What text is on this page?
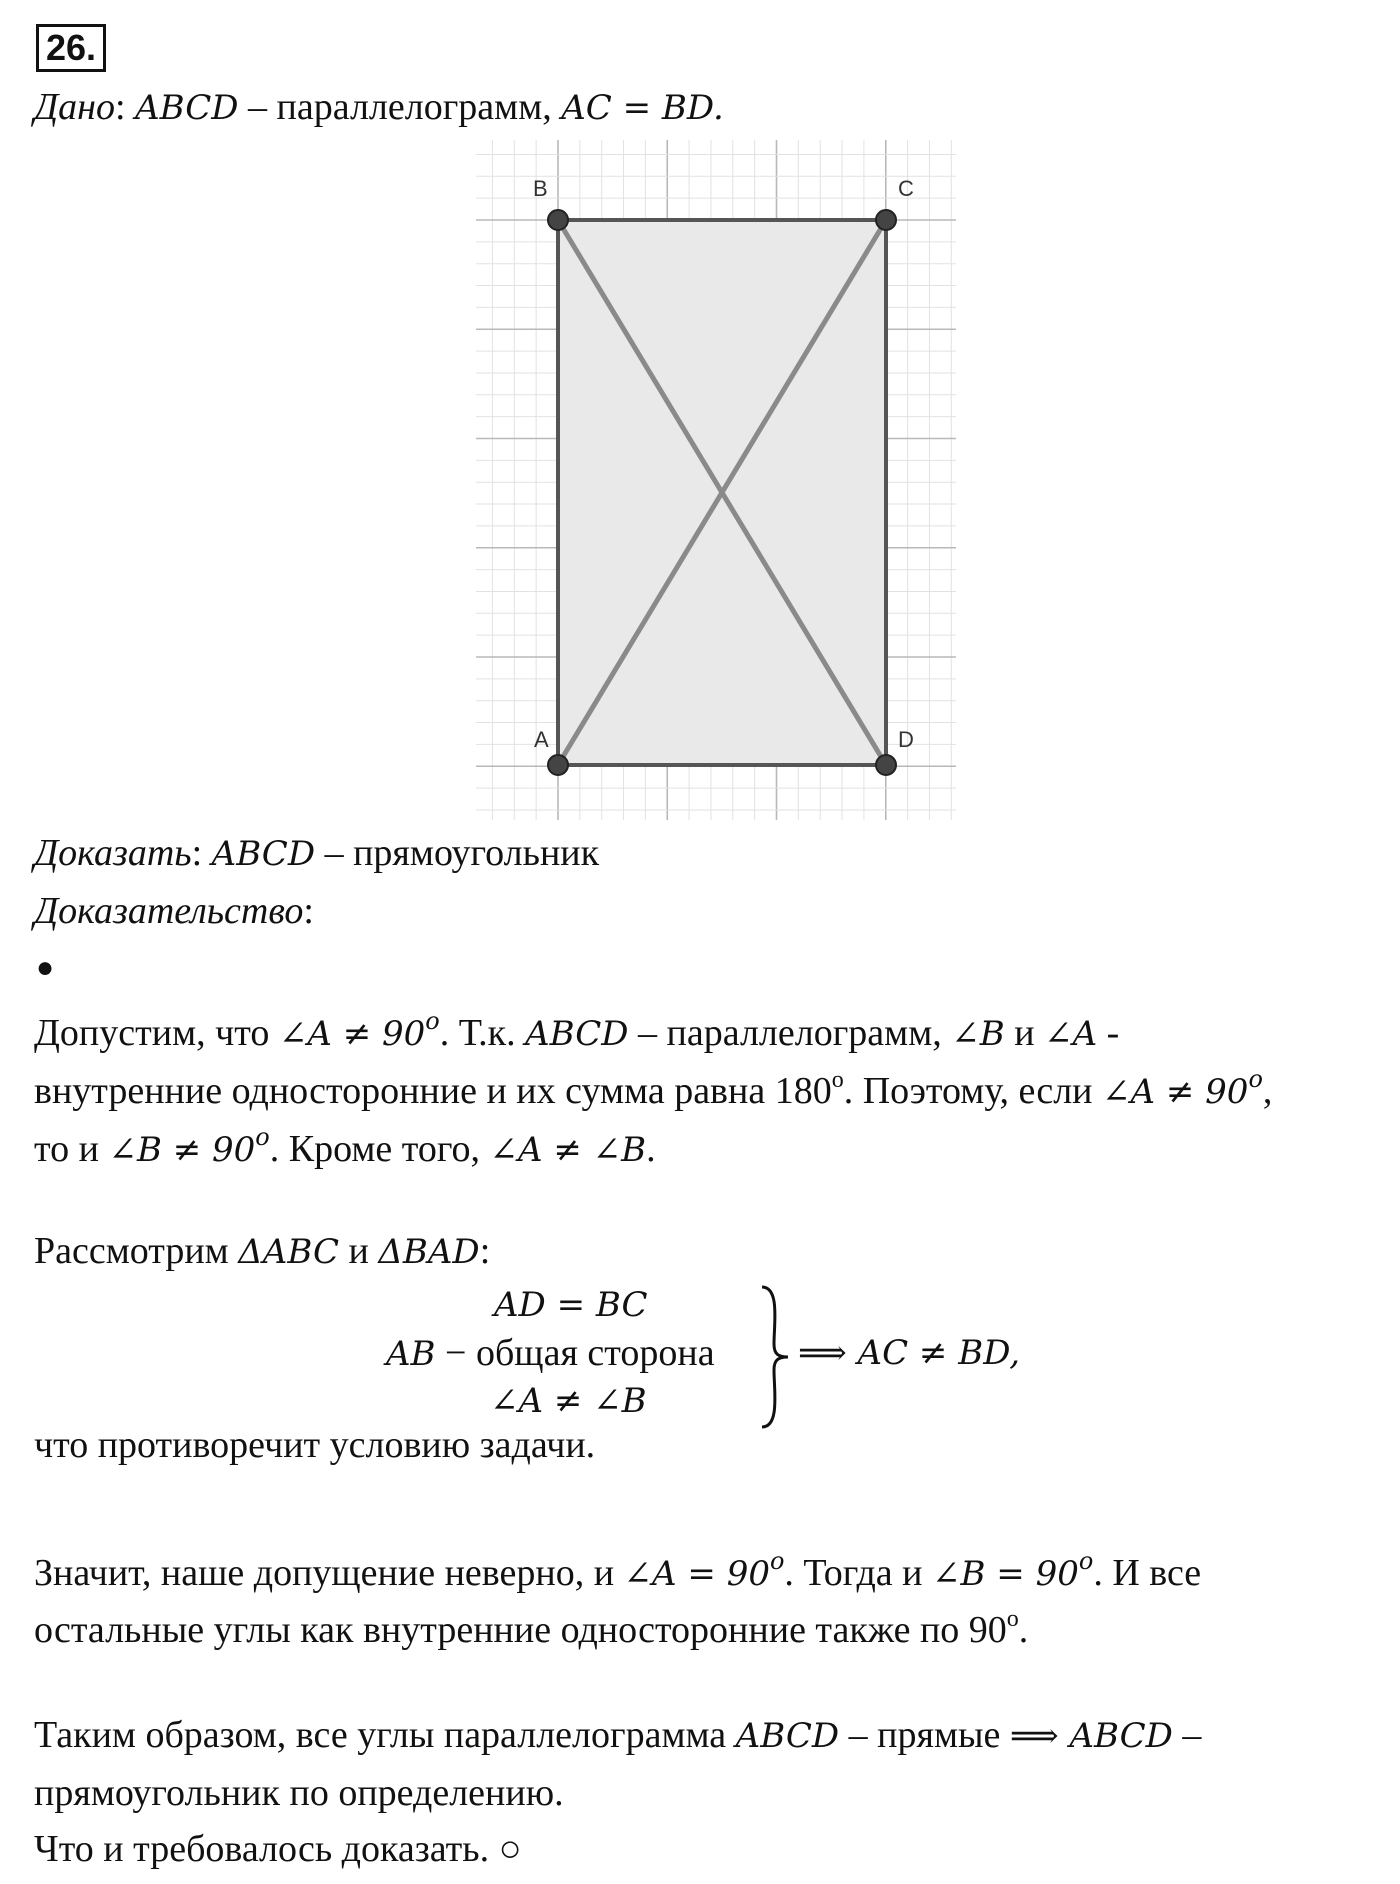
26.
Дано: ABCD – параллелограмм, AC = BD.
B	C
A	D
Доказать: ABCD – прямоугольник
Доказательство:
●
Допустим, что ∠A ≠ $90^o$. Т.к. ABCD – параллелограмм, ∠B и ∠A -
внутренние односторонние и их сумма равна 180$^o$. Поэтому, если ∠A ≠ $90^o$,
то и ∠B ≠ $90^o$. Кроме того, ∠A ≠ ∠B.
Рассмотрим ΔABC и ΔBAD:
AD = BC
AB − общая сторона
∠A ≠ ∠B
⟹ AC ≠ BD,
что противоречит условию задачи.
Значит, наше допущение неверно, и ∠A = $90^o$. Тогда и ∠B = $90^o$. И все
остальные углы как внутренние односторонние также по 90$^o$.
Таким образом, все углы параллелограмма ABCD – прямые ⟹ ABCD –
прямоугольник по определению.
Что и требовалось доказать. ○
